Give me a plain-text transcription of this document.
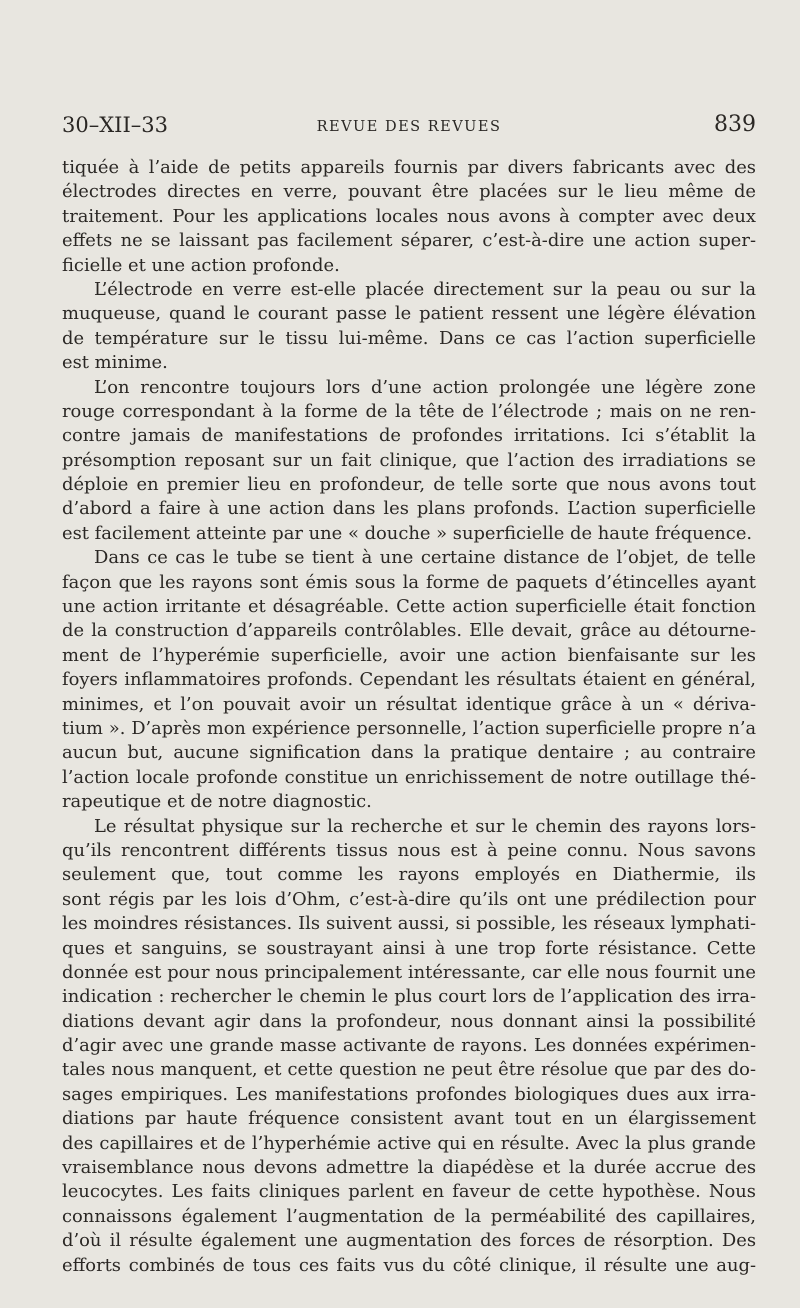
30–XII–33	REVUE DES REVUES	839
tiquée à l’aide de petits appareils fournis par divers fabricants avec des
électrodes directes en verre, pouvant être placées sur le lieu même de
traitement. Pour les applications locales nous avons à compter avec deux
effets ne se laissant pas facilement séparer, c’est-à-dire une action super-
ficielle et une action profonde.
L’électrode en verre est-elle placée directement sur la peau ou sur la
muqueuse, quand le courant passe le patient ressent une légère élévation
de température sur le tissu lui-même. Dans ce cas l’action superficielle
est minime.
L’on rencontre toujours lors d’une action prolongée une légère zone
rouge correspondant à la forme de la tête de l’électrode ; mais on ne ren-
contre jamais de manifestations de profondes irritations. Ici s’établit la
présomption reposant sur un fait clinique, que l’action des irradiations se
déploie en premier lieu en profondeur, de telle sorte que nous avons tout
d’abord a faire à une action dans les plans profonds. L’action superficielle
est facilement atteinte par une « douche » superficielle de haute fréquence.
Dans ce cas le tube se tient à une certaine distance de l’objet, de telle
façon que les rayons sont émis sous la forme de paquets d’étincelles ayant
une action irritante et désagréable. Cette action superficielle était fonction
de la construction d’appareils contrôlables. Elle devait, grâce au détourne-
ment de l’hyperémie superficielle, avoir une action bienfaisante sur les
foyers inflammatoires profonds. Cependant les résultats étaient en général,
minimes, et l’on pouvait avoir un résultat identique grâce à un « dériva-
tium ». D’après mon expérience personnelle, l’action superficielle propre n’a
aucun but, aucune signification dans la pratique dentaire ; au contraire
l’action locale profonde constitue un enrichissement de notre outillage thé-
rapeutique et de notre diagnostic.
Le résultat physique sur la recherche et sur le chemin des rayons lors-
qu’ils rencontrent différents tissus nous est à peine connu. Nous savons
seulement que, tout comme les rayons employés en Diathermie, ils
sont régis par les lois d’Ohm, c’est-à-dire qu’ils ont une prédilection pour
les moindres résistances. Ils suivent aussi, si possible, les réseaux lymphati-
ques et sanguins, se soustrayant ainsi à une trop forte résistance. Cette
donnée est pour nous principalement intéressante, car elle nous fournit une
indication : rechercher le chemin le plus court lors de l’application des irra-
diations devant agir dans la profondeur, nous donnant ainsi la possibilité
d’agir avec une grande masse activante de rayons. Les données expérimen-
tales nous manquent, et cette question ne peut être résolue que par des do-
sages empiriques. Les manifestations profondes biologiques dues aux irra-
diations par haute fréquence consistent avant tout en un élargissement
des capillaires et de l’hyperhémie active qui en résulte. Avec la plus grande
vraisemblance nous devons admettre la diapédèse et la durée accrue des
leucocytes. Les faits cliniques parlent en faveur de cette hypothèse. Nous
connaissons également l’augmentation de la perméabilité des capillaires,
d’où il résulte également une augmentation des forces de résorption. Des
efforts combinés de tous ces faits vus du côté clinique, il résulte une aug-
